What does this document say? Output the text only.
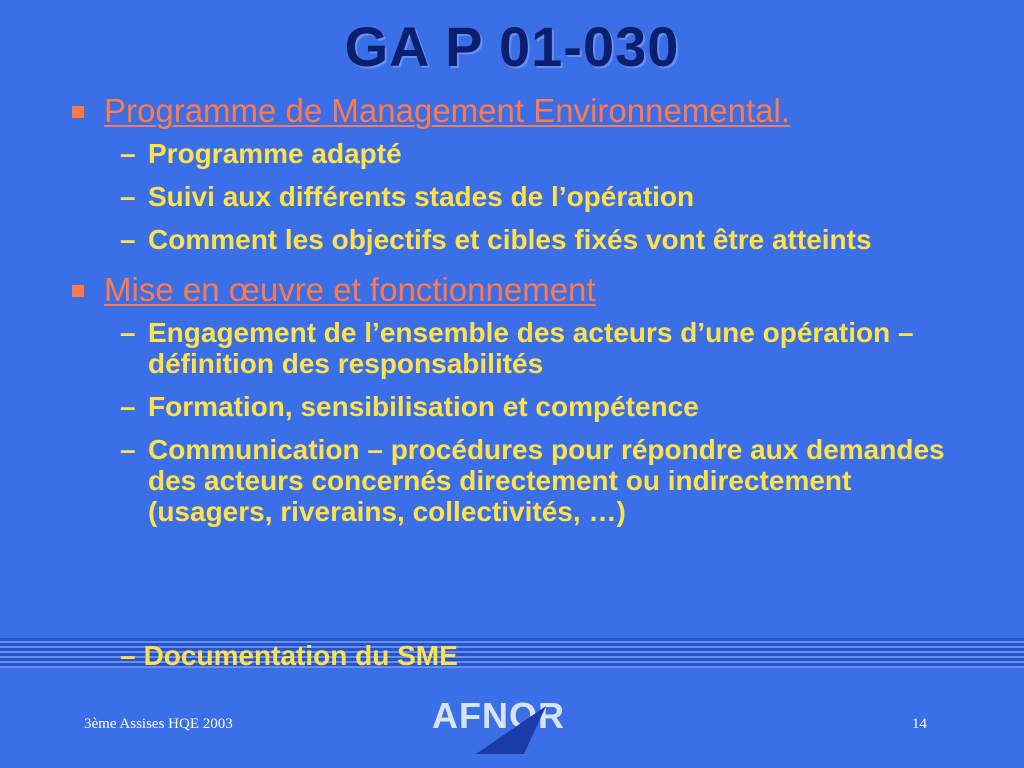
GA P 01-030
Programme de Management Environnemental.
– Programme adapté
– Suivi aux différents stades de l’opération
– Comment les objectifs et cibles fixés vont être atteints
Mise en œuvre et fonctionnement
– Engagement de l’ensemble des acteurs d’une opération – définition des responsabilités
– Formation, sensibilisation et compétence
– Communication – procédures pour répondre aux demandes des acteurs concernés directement ou indirectement (usagers, riverains, collectivités, …)
– Documentation du SME
3ème Assises HQE 2003	AFNOR	14
